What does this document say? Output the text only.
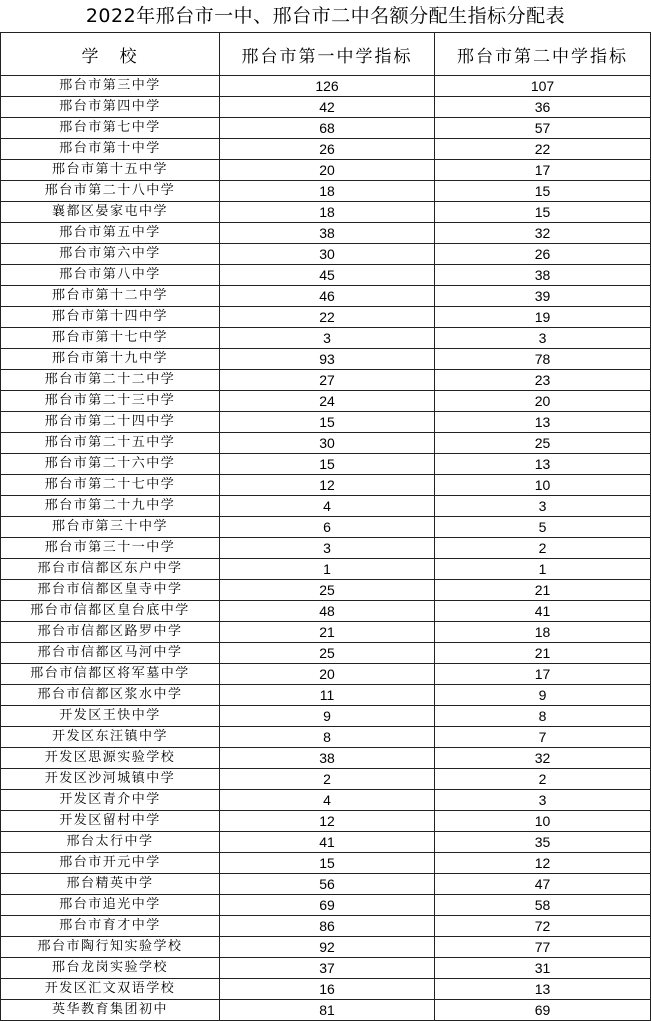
2022年邢台市一中、邢台市二中名额分配生指标分配表
学　校	邢台市第一中学指标	邢台市第二中学指标
邢台市第三中学	126	107
邢台市第四中学	42	36
邢台市第七中学	68	57
邢台市第十中学	26	22
邢台市第十五中学	20	17
邢台市第二十八中学	18	15
襄都区晏家屯中学	18	15
邢台市第五中学	38	32
邢台市第六中学	30	26
邢台市第八中学	45	38
邢台市第十二中学	46	39
邢台市第十四中学	22	19
邢台市第十七中学	3	3
邢台市第十九中学	93	78
邢台市第二十二中学	27	23
邢台市第二十三中学	24	20
邢台市第二十四中学	15	13
邢台市第二十五中学	30	25
邢台市第二十六中学	15	13
邢台市第二十七中学	12	10
邢台市第二十九中学	4	3
邢台市第三十中学	6	5
邢台市第三十一中学	3	2
邢台市信都区东户中学	1	1
邢台市信都区皇寺中学	25	21
邢台市信都区皇台底中学	48	41
邢台市信都区路罗中学	21	18
邢台市信都区马河中学	25	21
邢台市信都区将军墓中学	20	17
邢台市信都区浆水中学	11	9
开发区王快中学	9	8
开发区东汪镇中学	8	7
开发区思源实验学校	38	32
开发区沙河城镇中学	2	2
开发区青介中学	4	3
开发区留村中学	12	10
邢台太行中学	41	35
邢台市开元中学	15	12
邢台精英中学	56	47
邢台市追光中学	69	58
邢台市育才中学	86	72
邢台市陶行知实验学校	92	77
邢台龙岗实验学校	37	31
开发区汇文双语学校	16	13
英华教育集团初中	81	69
